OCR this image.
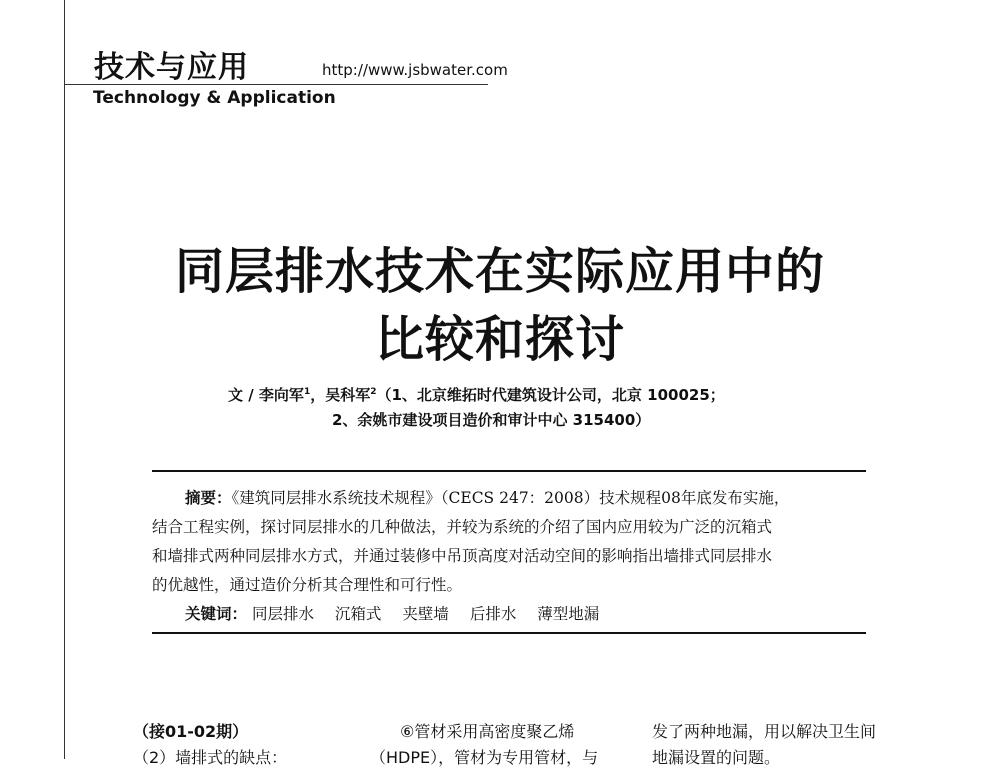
技术与应用	http://www.jsbwater.com
Technology & Application
同层排水技术在实际应用中的
比较和探讨
文 / 李向军$^1$，吴科军$^2$（1、北京维拓时代建筑设计公司，北京 100025；
2、余姚市建设项目造价和审计中心 315400）
摘要：《建筑同层排水系统技术规程》（CECS 247：2008）技术规程08年底发布实施，
结合工程实例，探讨同层排水的几种做法，并较为系统的介绍了国内应用较为广泛的沉箱式
和墙排式两种同层排水方式，并通过装修中吊顶高度对活动空间的影响指出墙排式同层排水
的优越性，通过造价分析其合理性和可行性。
关键词： 同层排水 沉箱式 夹壁墙 后排水 薄型地漏
（接01-02期）
（2）墙排式的缺点：
⑥管材采用高密度聚乙烯
（HDPE），管材为专用管材，与
发了两种地漏，用以解决卫生间
地漏设置的问题。
